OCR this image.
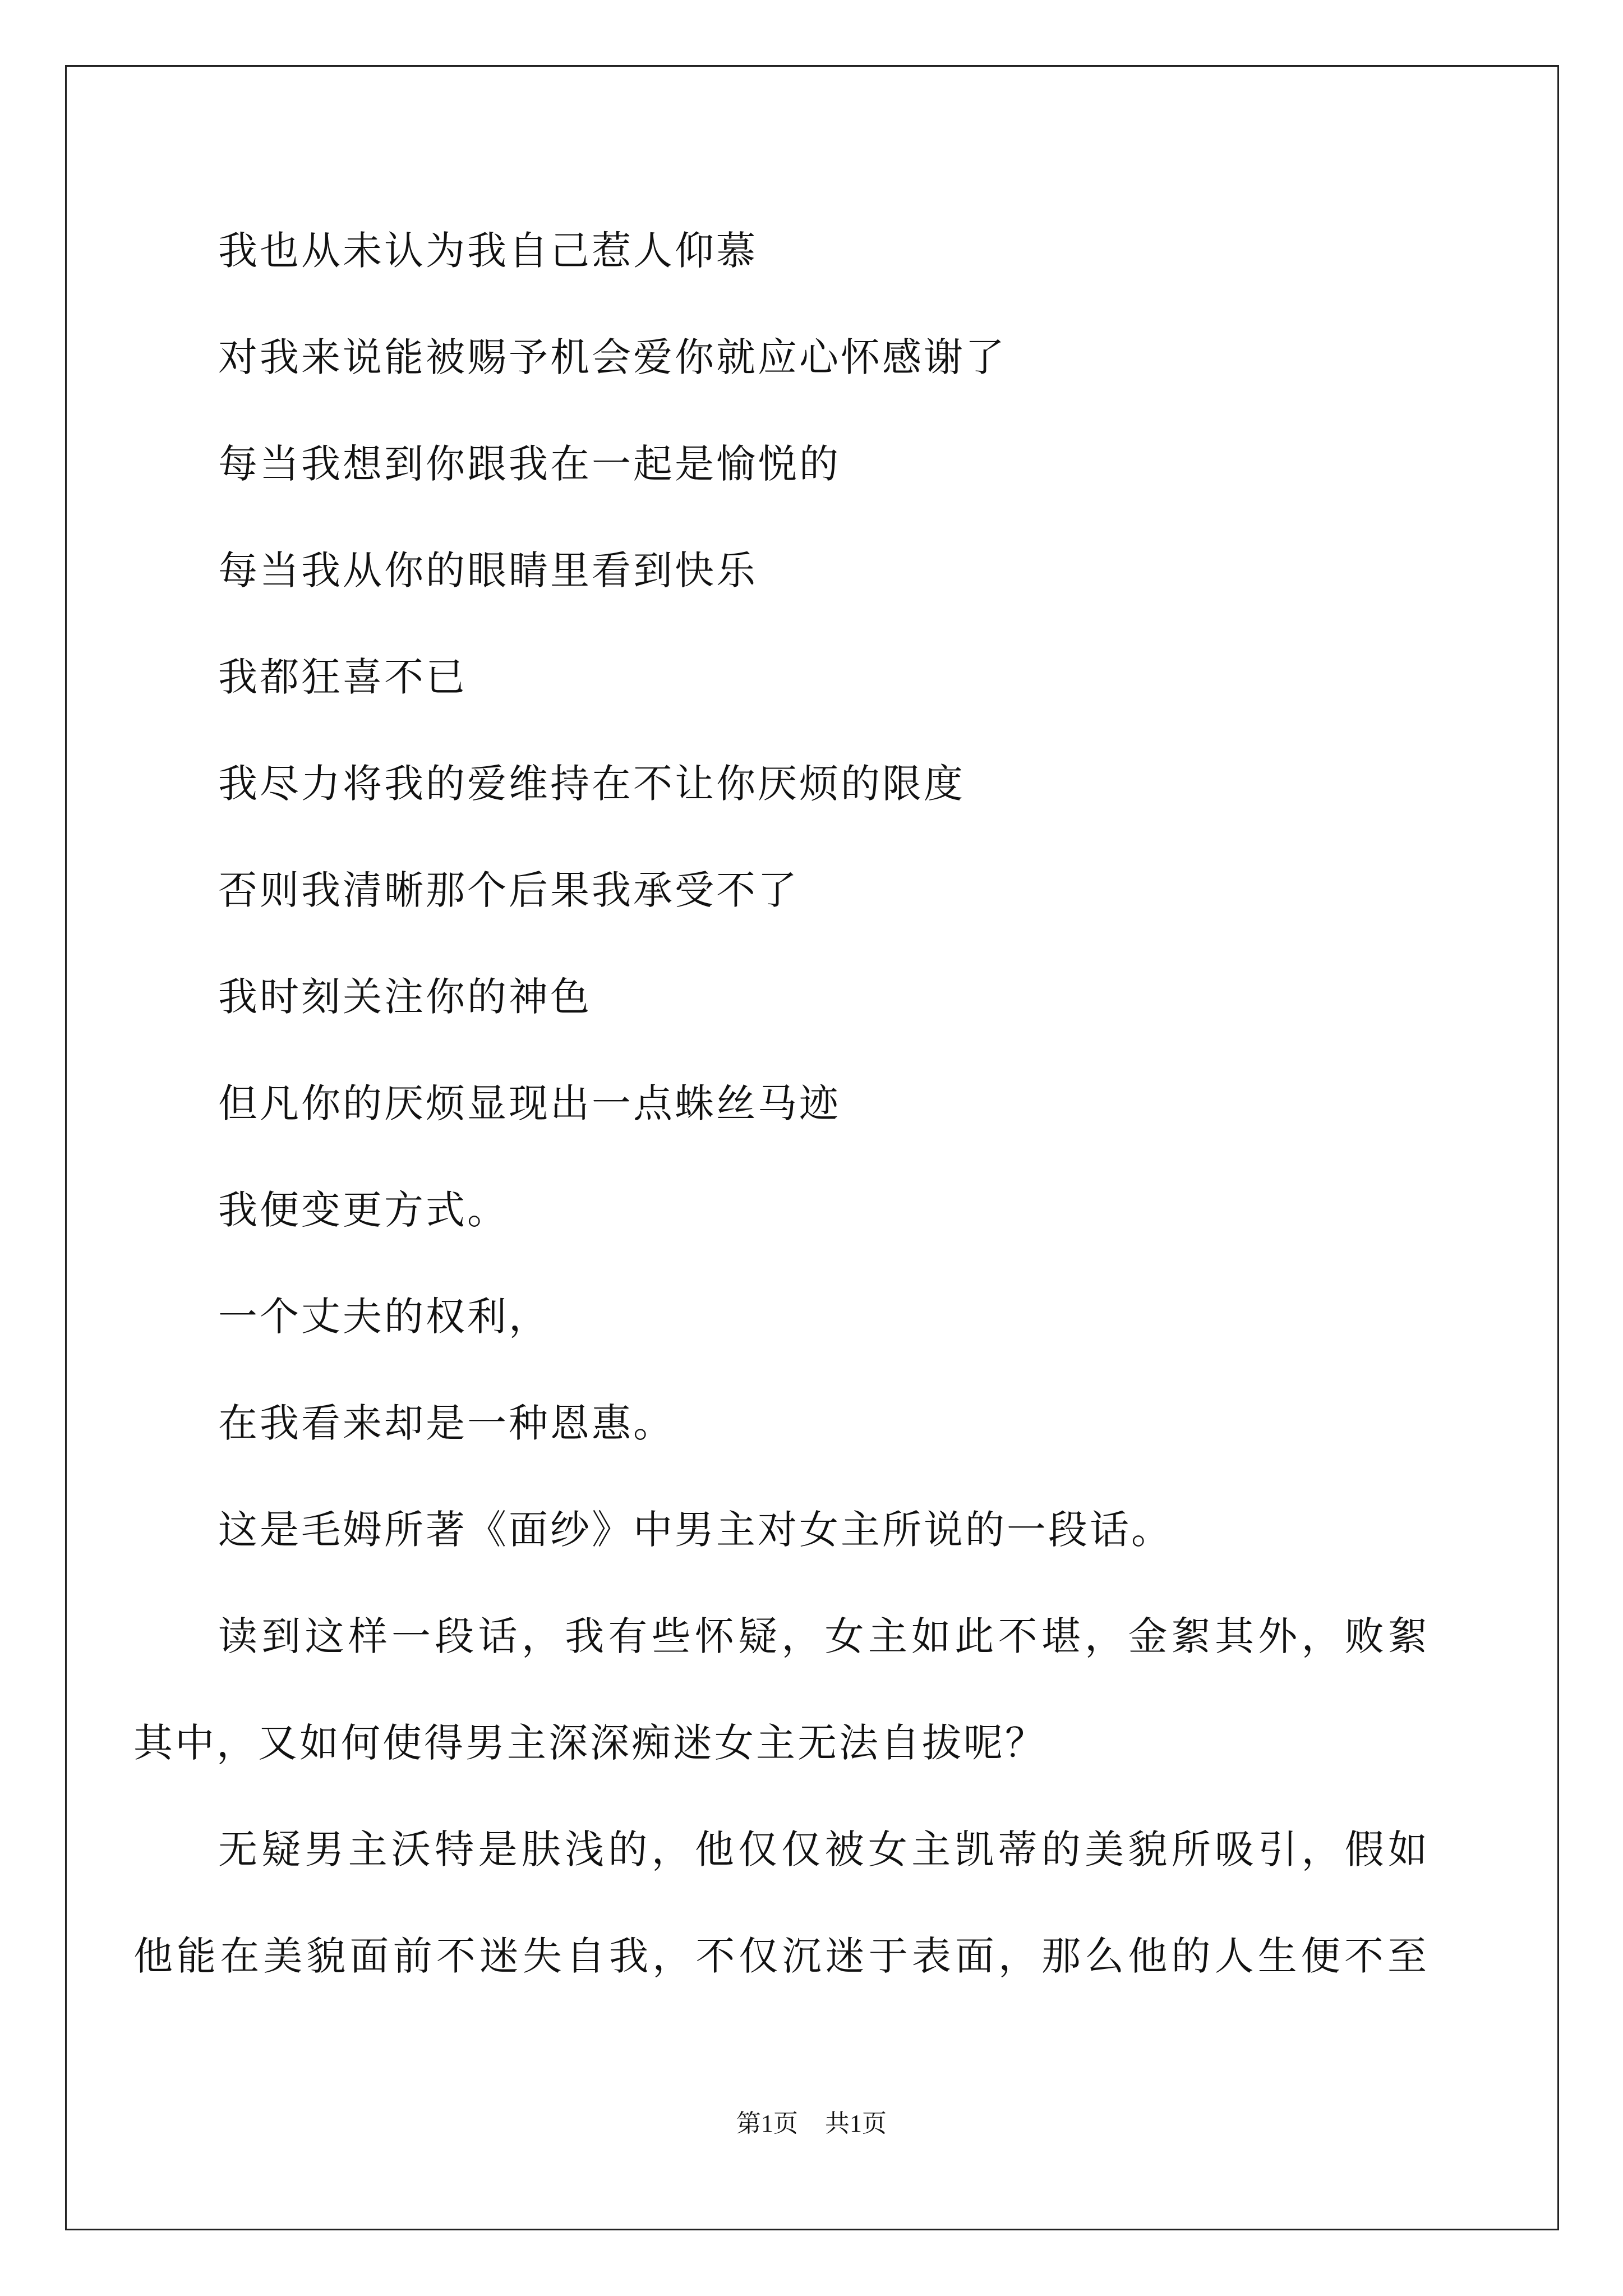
我也从未认为我自己惹人仰慕
对我来说能被赐予机会爱你就应心怀感谢了
每当我想到你跟我在一起是愉悦的
每当我从你的眼睛里看到快乐
我都狂喜不已
我尽力将我的爱维持在不让你厌烦的限度
否则我清晰那个后果我承受不了
我时刻关注你的神色
但凡你的厌烦显现出一点蛛丝马迹
我便变更方式。
一个丈夫的权利，
在我看来却是一种恩惠。
这是毛姆所著《面纱》中男主对女主所说的一段话。
读到这样一段话，我有些怀疑，女主如此不堪，金絮其外，败絮
其中，又如何使得男主深深痴迷女主无法自拔呢？
无疑男主沃特是肤浅的，他仅仅被女主凯蒂的美貌所吸引，假如
他能在美貌面前不迷失自我，不仅沉迷于表面，那么他的人生便不至
第1页 共1页
